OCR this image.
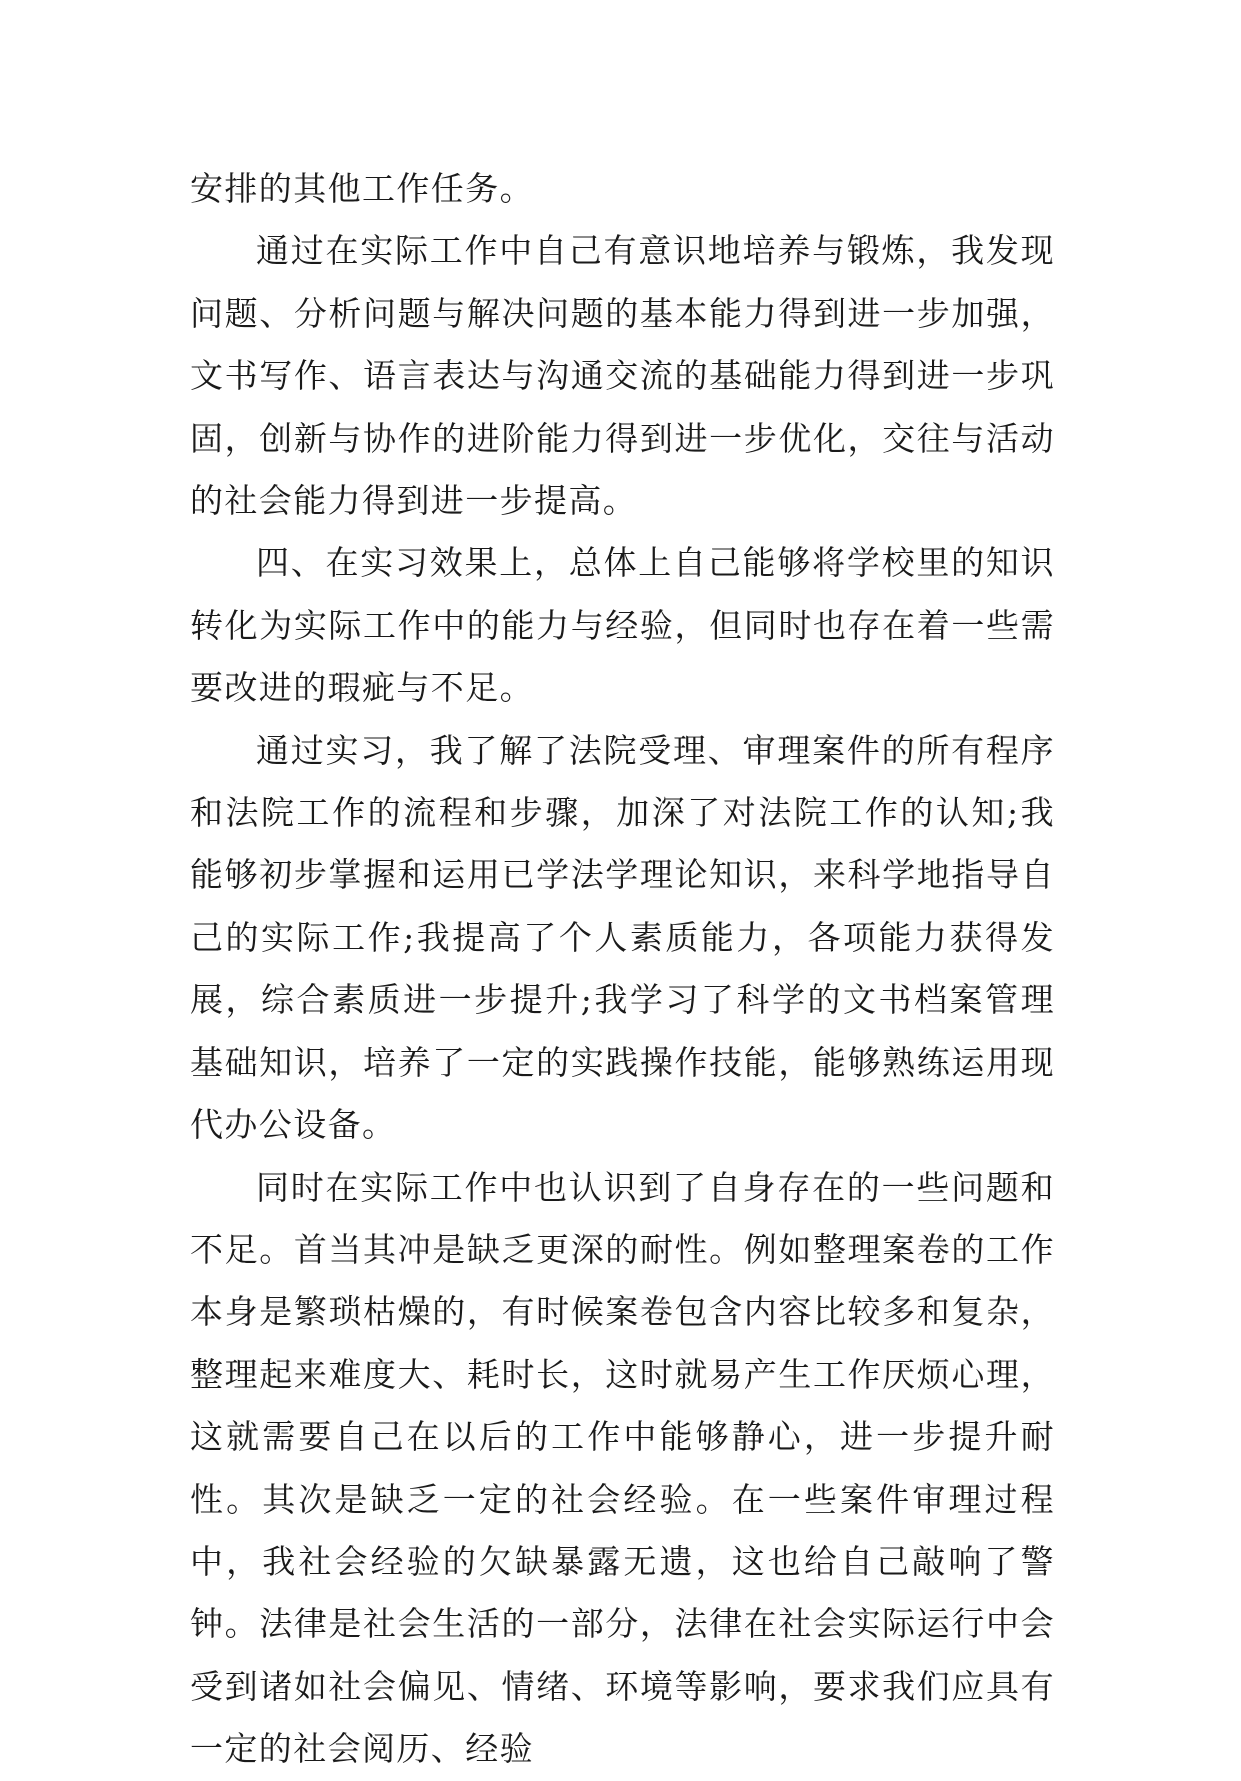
安排的其他工作任务。

通过在实际工作中自己有意识地培养与锻炼，我发现问题、分析问题与解决问题的基本能力得到进一步加强，文书写作、语言表达与沟通交流的基础能力得到进一步巩固，创新与协作的进阶能力得到进一步优化，交往与活动的社会能力得到进一步提高。

四、在实习效果上，总体上自己能够将学校里的知识转化为实际工作中的能力与经验，但同时也存在着一些需要改进的瑕疵与不足。

通过实习，我了解了法院受理、审理案件的所有程序和法院工作的流程和步骤，加深了对法院工作的认知;我能够初步掌握和运用已学法学理论知识，来科学地指导自己的实际工作;我提高了个人素质能力，各项能力获得发展，综合素质进一步提升;我学习了科学的文书档案管理基础知识，培养了一定的实践操作技能，能够熟练运用现代办公设备。

同时在实际工作中也认识到了自身存在的一些问题和不足。首当其冲是缺乏更深的耐性。例如整理案卷的工作本身是繁琐枯燥的，有时候案卷包含内容比较多和复杂，整理起来难度大、耗时长，这时就易产生工作厌烦心理，这就需要自己在以后的工作中能够静心，进一步提升耐性。其次是缺乏一定的社会经验。在一些案件审理过程中，我社会经验的欠缺暴露无遗，这也给自己敲响了警钟。法律是社会生活的一部分，法律在社会实际运行中会受到诸如社会偏见、情绪、环境等影响，要求我们应具有一定的社会阅历、经验
